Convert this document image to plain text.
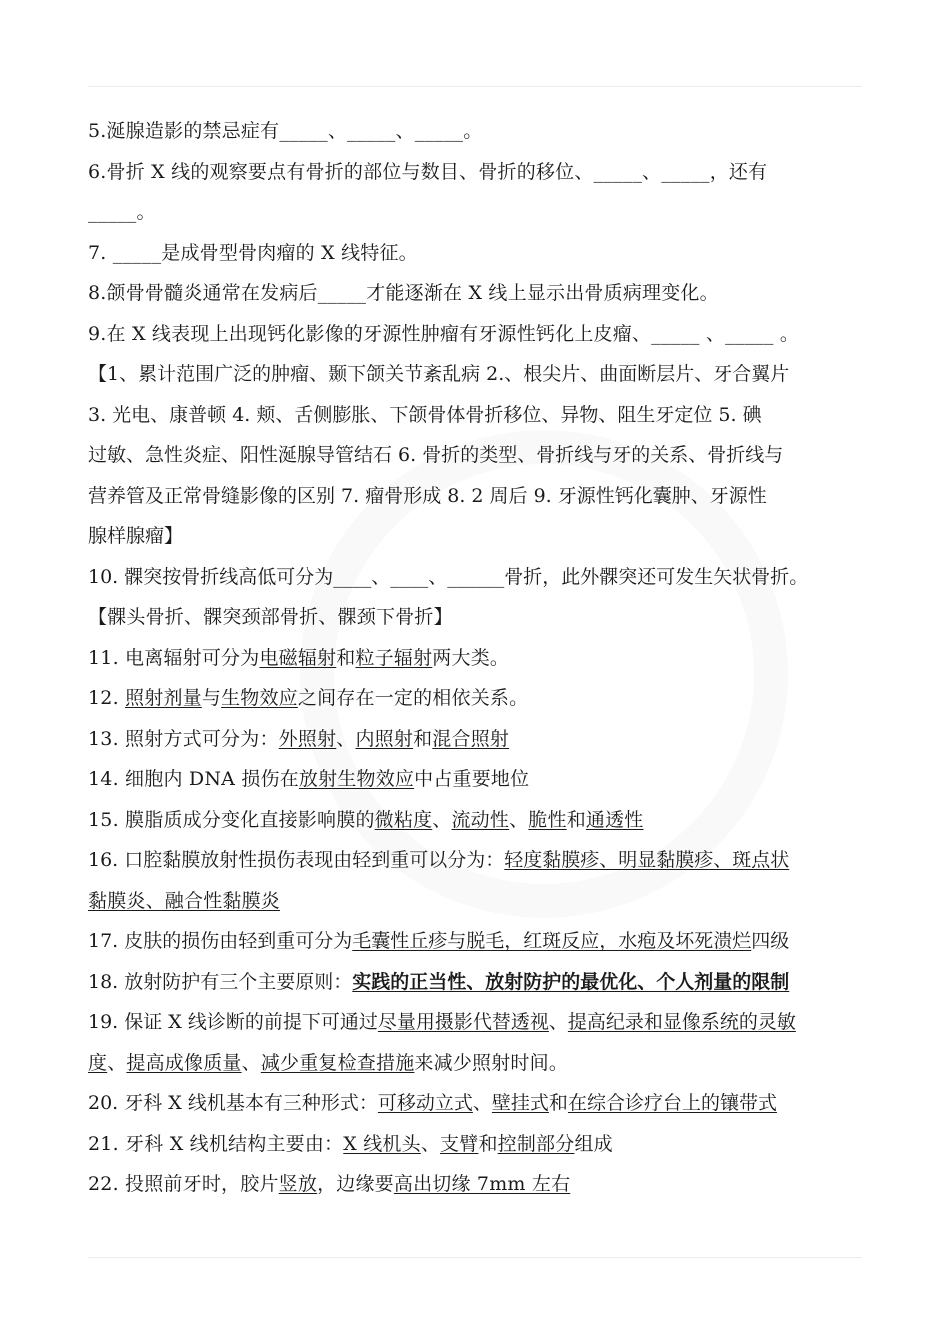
5.涎腺造影的禁忌症有_____、_____、_____。
6.骨折 X 线的观察要点有骨折的部位与数目、骨折的移位、_____、_____，还有
_____。
7. _____是成骨型骨肉瘤的 X 线特征。
8.颌骨骨髓炎通常在发病后_____才能逐渐在 X 线上显示出骨质病理变化。
9.在 X 线表现上出现钙化影像的牙源性肿瘤有牙源性钙化上皮瘤、_____ 、_____ 。
【1、累计范围广泛的肿瘤、颞下颌关节紊乱病 2.、根尖片、曲面断层片、牙合翼片
3. 光电、康普顿 4. 颊、舌侧膨胀、下颌骨体骨折移位、异物、阻生牙定位 5. 碘
过敏、急性炎症、阳性涎腺导管结石 6. 骨折的类型、骨折线与牙的关系、骨折线与
营养管及正常骨缝影像的区别 7. 瘤骨形成 8. 2 周后 9. 牙源性钙化囊肿、牙源性
腺样腺瘤】
10. 髁突按骨折线高低可分为____、____、______骨折，此外髁突还可发生矢状骨折。
【髁头骨折、髁突颈部骨折、髁颈下骨折】
11. 电离辐射可分为电磁辐射和粒子辐射两大类。
12. 照射剂量与生物效应之间存在一定的相依关系。
13. 照射方式可分为：外照射、内照射和混合照射
14. 细胞内 DNA 损伤在放射生物效应中占重要地位
15. 膜脂质成分变化直接影响膜的微粘度、流动性、脆性和通透性
16. 口腔黏膜放射性损伤表现由轻到重可以分为：轻度黏膜疹、明显黏膜疹、斑点状
黏膜炎、融合性黏膜炎
17. 皮肤的损伤由轻到重可分为毛囊性丘疹与脱毛，红斑反应，水疱及坏死溃烂四级
18. 放射防护有三个主要原则：实践的正当性、放射防护的最优化、个人剂量的限制
19. 保证 X 线诊断的前提下可通过尽量用摄影代替透视、提高纪录和显像系统的灵敏
度、提高成像质量、减少重复检查措施来减少照射时间。
20. 牙科 X 线机基本有三种形式：可移动立式、壁挂式和在综合诊疗台上的镶带式
21. 牙科 X 线机结构主要由：X 线机头、支臂和控制部分组成
22. 投照前牙时，胶片竖放，边缘要高出切缘 7mm 左右
